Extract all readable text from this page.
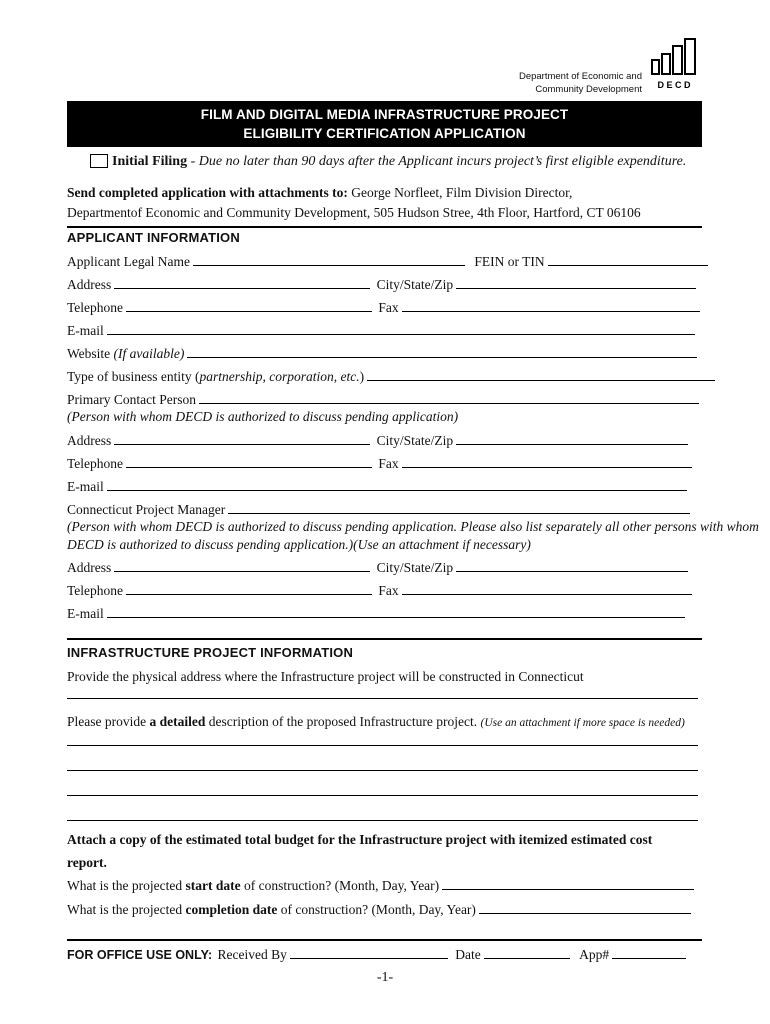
Department of Economic and
Community Development D E C D
FILM AND DIGITAL MEDIA INFRASTRUCTURE PROJECT
ELIGIBILITY CERTIFICATION APPLICATION
Initial Filing - Due no later than 90 days after the Applicant incurs project’s first eligible expenditure.
Send completed application with attachments to: George Norfleet, Film Division Director,
Departmentof Economic and Community Development, 505 Hudson Stree, 4th Floor, Hartford, CT 06106
APPLICANT INFORMATION
Applicant Legal Name	FEIN or TIN
Address	City/State/Zip
Telephone	Fax
E-mail
Website (If available)
Type of business entity (partnership, corporation, etc.)
Primary Contact Person
(Person with whom DECD is authorized to discuss pending application)
Address	City/State/Zip
Telephone	Fax
E-mail
Connecticut Project Manager
(Person with whom DECD is authorized to discuss pending application. Please also list separately all other persons with whom
DECD is authorized to discuss pending application.)(Use an attachment if necessary)
Address	City/State/Zip
Telephone	Fax
E-mail
INFRASTRUCTURE PROJECT INFORMATION
Provide the physical address where the Infrastructure project will be constructed in Connecticut
Please provide a detailed description of the proposed Infrastructure project. (Use an attachment if more space is needed)
Attach a copy of the estimated total budget for the Infrastructure project with itemized estimated cost
report.
What is the projected start date of construction? (Month, Day, Year)
What is the projected completion date of construction? (Month, Day, Year)
FOR OFFICE USE ONLY: Received By	Date	App#
-1-
